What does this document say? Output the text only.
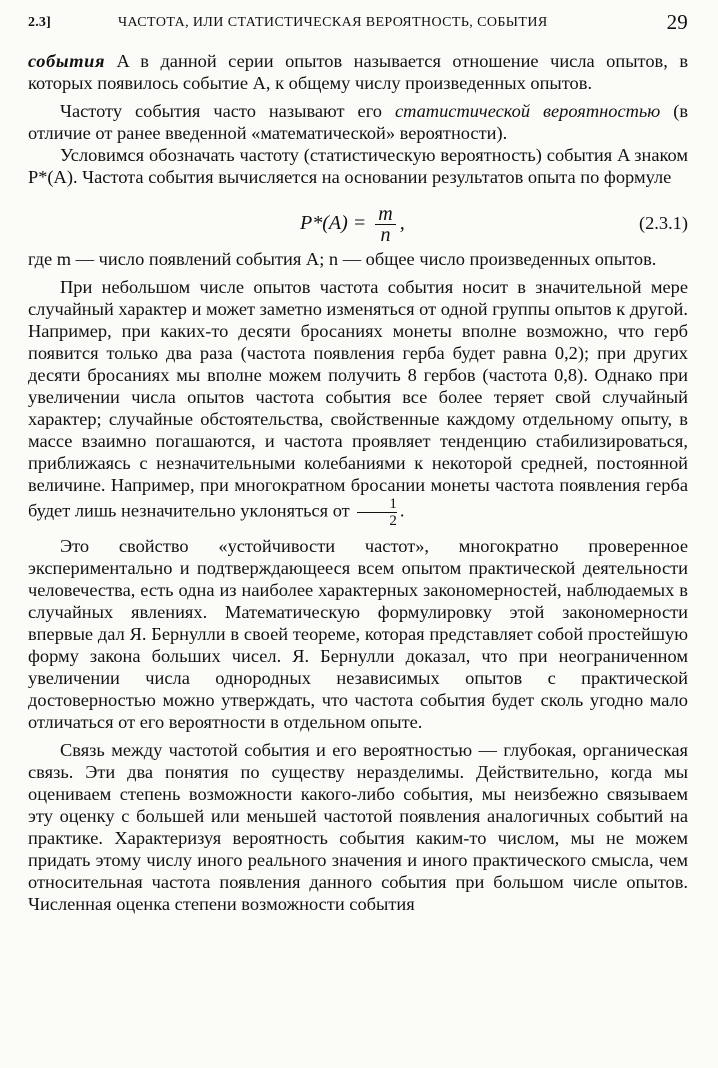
2.3]	ЧАСТОТА, ИЛИ СТАТИСТИЧЕСКАЯ ВЕРОЯТНОСТЬ, СОБЫТИЯ	29

события A в данной серии опытов называется отношение числа опытов, в которых появилось событие A, к общему числу произведенных опытов.

Частоту события часто называют его статистической вероятностью (в отличие от ранее введенной «математической» вероятности).

Условимся обозначать частоту (статистическую вероятность) события A знаком P*(A). Частота события вычисляется на основании результатов опыта по формуле

$P*(A) = \frac{m}{n}$ ,	(2.3.1)

где m — число появлений события A; n — общее число произведенных опытов.

При небольшом числе опытов частота события носит в значительной мере случайный характер и может заметно изменяться от одной группы опытов к другой. Например, при каких-то десяти бросаниях монеты вполне возможно, что герб появится только два раза (частота появления герба будет равна 0,2); при других десяти бросаниях мы вполне можем получить 8 гербов (частота 0,8). Однако при увеличении числа опытов частота события все более теряет свой случайный характер; случайные обстоятельства, свойственные каждому отдельному опыту, в массе взаимно погашаются, и частота проявляет тенденцию стабилизироваться, приближаясь с незначительными колебаниями к некоторой средней, постоянной величине. Например, при многократном бросании монеты частота появления герба будет лишь незначительно уклоняться от $\frac{1}{2}$ .

Это свойство «устойчивости частот», многократно проверенное экспериментально и подтверждающееся всем опытом практической деятельности человечества, есть одна из наиболее характерных закономерностей, наблюдаемых в случайных явлениях. Математическую формулировку этой закономерности впервые дал Я. Бернулли в своей теореме, которая представляет собой простейшую форму закона больших чисел. Я. Бернулли доказал, что при неограниченном увеличении числа однородных независимых опытов с практической достоверностью можно утверждать, что частота события будет сколь угодно мало отличаться от его вероятности в отдельном опыте.

Связь между частотой события и его вероятностью — глубокая, органическая связь. Эти два понятия по существу неразделимы. Действительно, когда мы оцениваем степень возможности какого-либо события, мы неизбежно связываем эту оценку с большей или меньшей частотой появления аналогичных событий на практике. Характеризуя вероятность события каким-то числом, мы не можем придать этому числу иного реального значения и иного практического смысла, чем относительная частота появления данного события при большом числе опытов. Численная оценка степени возможности события
